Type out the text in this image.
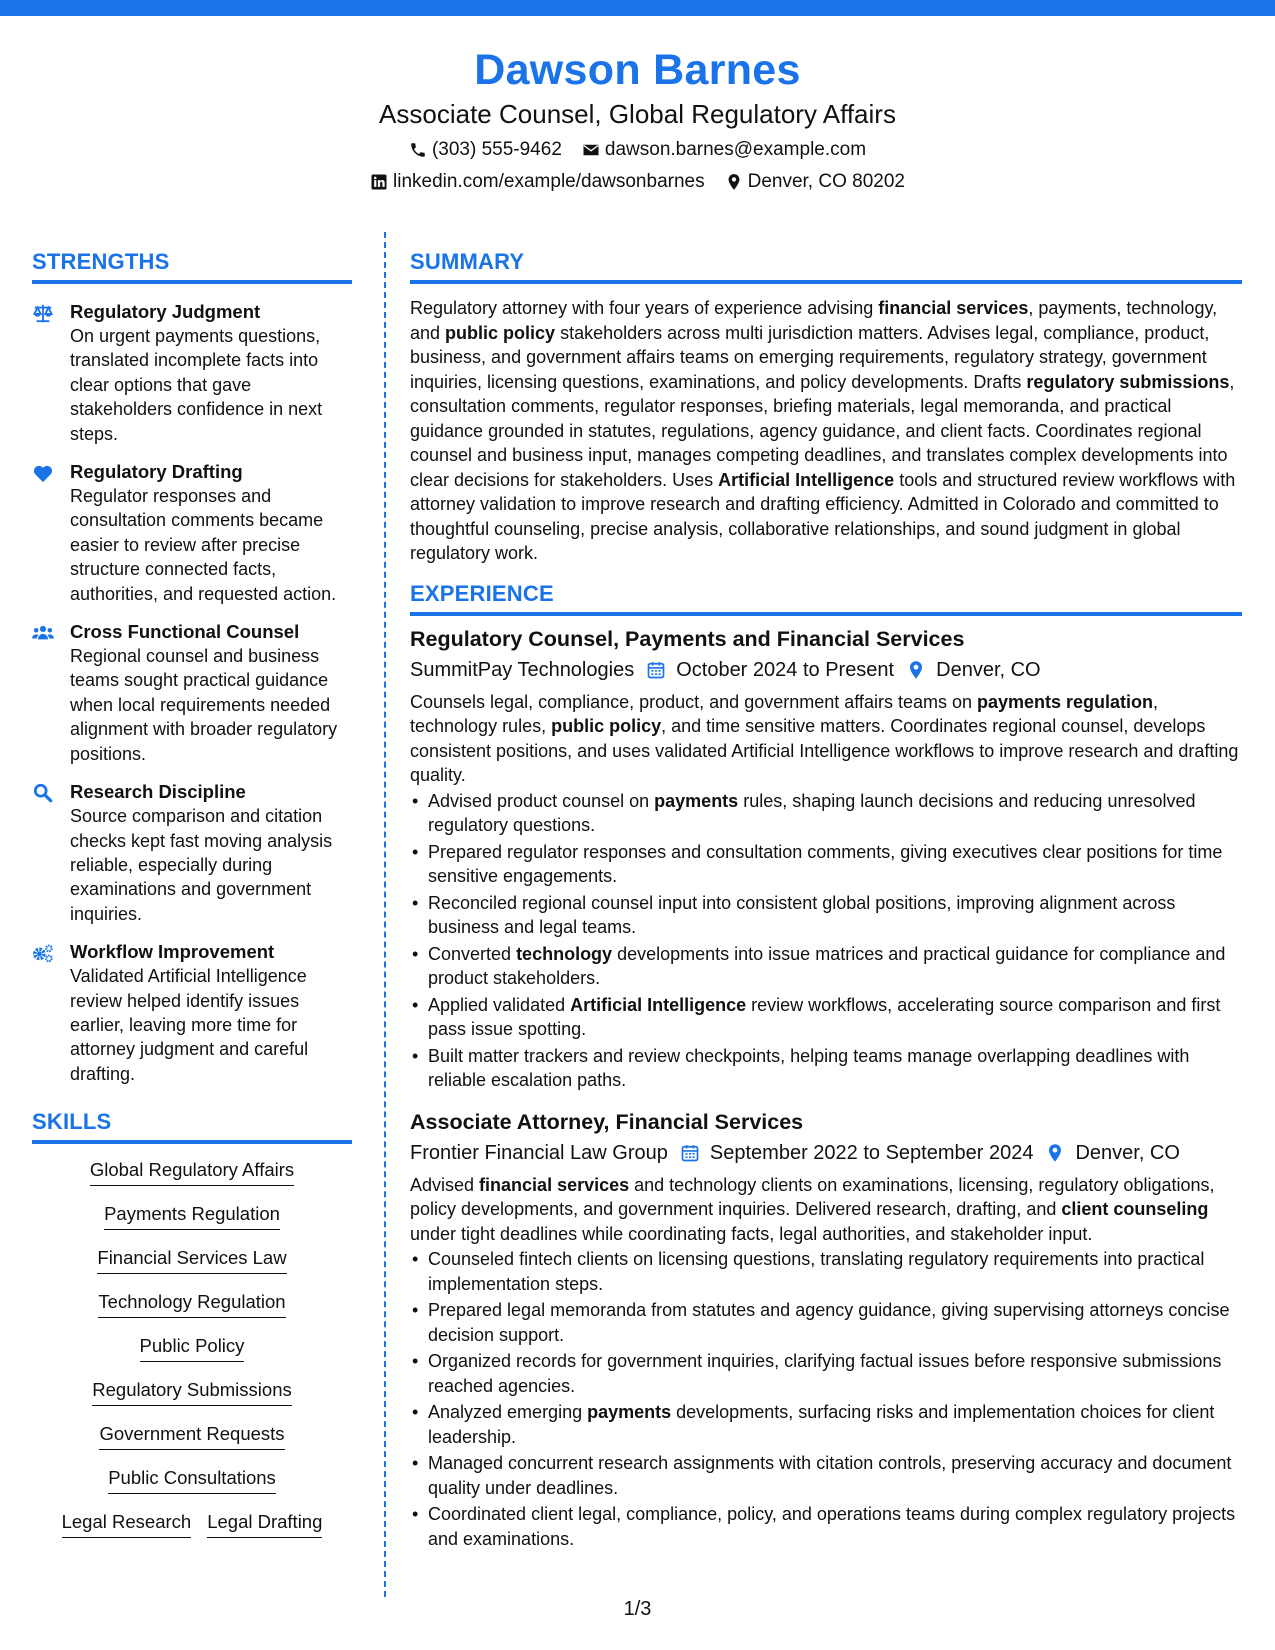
Dawson Barnes
Associate Counsel, Global Regulatory Affairs
(303) 555-9462 dawson.barnes@example.com
linkedin.com/example/dawsonbarnes Denver, CO 80202
STRENGTHS
Regulatory Judgment

On urgent payments questions, translated incomplete facts into clear options that gave stakeholders confidence in next steps.

Regulatory Drafting

Regulator responses and consultation comments became easier to review after precise structure connected facts, authorities, and requested action.

Cross Functional Counsel

Regional counsel and business teams sought practical guidance when local requirements needed alignment with broader regulatory positions.

Research Discipline

Source comparison and citation checks kept fast moving analysis reliable, especially during examinations and government inquiries.

Workflow Improvement

Validated Artificial Intelligence review helped identify issues earlier, leaving more time for attorney judgment and careful drafting.

SKILLS
Global Regulatory Affairs
Payments Regulation
Financial Services Law
Technology Regulation
Public Policy
Regulatory Submissions
Government Requests
Public Consultations
Legal Research Legal Drafting
SUMMARY

Regulatory attorney with four years of experience advising financial services, payments, technology, and public policy stakeholders across multi jurisdiction matters. Advises legal, compliance, product, business, and government affairs teams on emerging requirements, regulatory strategy, government inquiries, licensing questions, examinations, and policy developments. Drafts regulatory submissions, consultation comments, regulator responses, briefing materials, legal memoranda, and practical guidance grounded in statutes, regulations, agency guidance, and client facts. Coordinates regional counsel and business input, manages competing deadlines, and translates complex developments into clear decisions for stakeholders. Uses Artificial Intelligence tools and structured review workflows with attorney validation to improve research and drafting efficiency. Admitted in Colorado and committed to thoughtful counseling, precise analysis, collaborative relationships, and sound judgment in global regulatory work.

EXPERIENCE
Regulatory Counsel, Payments and Financial Services
SummitPay Technologies October 2024 to Present Denver, CO

Counsels legal, compliance, product, and government affairs teams on payments regulation, technology rules, public policy, and time sensitive matters. Coordinates regional counsel, develops consistent positions, and uses validated Artificial Intelligence workflows to improve research and drafting quality.

• Advised product counsel on payments rules, shaping launch decisions and reducing unresolved regulatory questions.
• Prepared regulator responses and consultation comments, giving executives clear positions for time sensitive engagements.
• Reconciled regional counsel input into consistent global positions, improving alignment across business and legal teams.
• Converted technology developments into issue matrices and practical guidance for compliance and product stakeholders.
• Applied validated Artificial Intelligence review workflows, accelerating source comparison and first pass issue spotting.
• Built matter trackers and review checkpoints, helping teams manage overlapping deadlines with reliable escalation paths.
Associate Attorney, Financial Services
Frontier Financial Law Group September 2022 to September 2024 Denver, CO

Advised financial services and technology clients on examinations, licensing, regulatory obligations, policy developments, and government inquiries. Delivered research, drafting, and client counseling under tight deadlines while coordinating facts, legal authorities, and stakeholder input.

• Counseled fintech clients on licensing questions, translating regulatory requirements into practical implementation steps.
• Prepared legal memoranda from statutes and agency guidance, giving supervising attorneys concise decision support.
• Organized records for government inquiries, clarifying factual issues before responsive submissions reached agencies.
• Analyzed emerging payments developments, surfacing risks and implementation choices for client leadership.
• Managed concurrent research assignments with citation controls, preserving accuracy and document quality under deadlines.
• Coordinated client legal, compliance, policy, and operations teams during complex regulatory projects and examinations.
1/3
